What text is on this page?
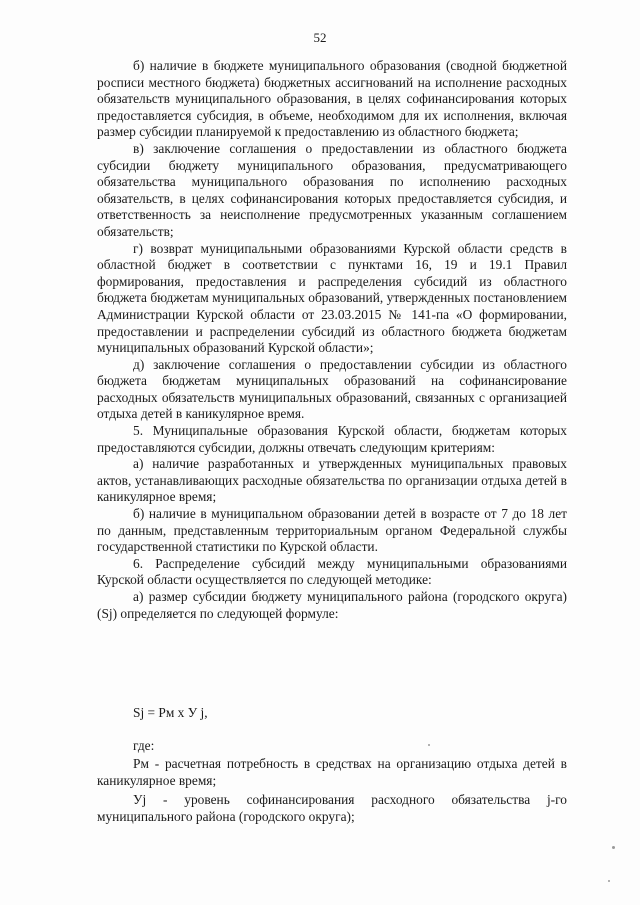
52

б) наличие в бюджете муниципального образования (сводной бюджетной росписи местного бюджета) бюджетных ассигнований на исполнение расходных обязательств муниципального образования, в целях софинансирования которых предоставляется субсидия, в объеме, необходимом для их исполнения, включая размер субсидии планируемой к предоставлению из областного бюджета;

в) заключение соглашения о предоставлении из областного бюджета субсидии бюджету муниципального образования, предусматривающего обязательства муниципального образования по исполнению расходных обязательств, в целях софинансирования которых предоставляется субсидия, и ответственность за неисполнение предусмотренных указанным соглашением обязательств;

г) возврат муниципальными образованиями Курской области средств в областной бюджет в соответствии с пунктами 16, 19 и 19.1 Правил формирования, предоставления и распределения субсидий из областного бюджета бюджетам муниципальных образований, утвержденных постановлением Администрации Курской области от 23.03.2015 № 141-па «О формировании, предоставлении и распределении субсидий из областного бюджета бюджетам муниципальных образований Курской области»;

д) заключение соглашения о предоставлении субсидии из областного бюджета бюджетам муниципальных образований на софинансирование расходных обязательств муниципальных образований, связанных с организацией отдыха детей в каникулярное время.

5. Муниципальные образования Курской области, бюджетам которых предоставляются субсидии, должны отвечать следующим критериям:

а) наличие разработанных и утвержденных муниципальных правовых актов, устанавливающих расходные обязательства по организации отдыха детей в каникулярное время;

б) наличие в муниципальном образовании детей в возрасте от 7 до 18 лет по данным, представленным территориальным органом Федеральной службы государственной статистики по Курской области.

6. Распределение субсидий между муниципальными образованиями Курской области осуществляется по следующей методике:

а) размер субсидии бюджету муниципального района (городского округа) (Sj) определяется по следующей формуле:

Sj = Рм х У j,
где:

Рм - расчетная потребность в средствах на организацию отдыха детей в каникулярное время;

Уj - уровень софинансирования расходного обязательства j-го муниципального района (городского округа);
